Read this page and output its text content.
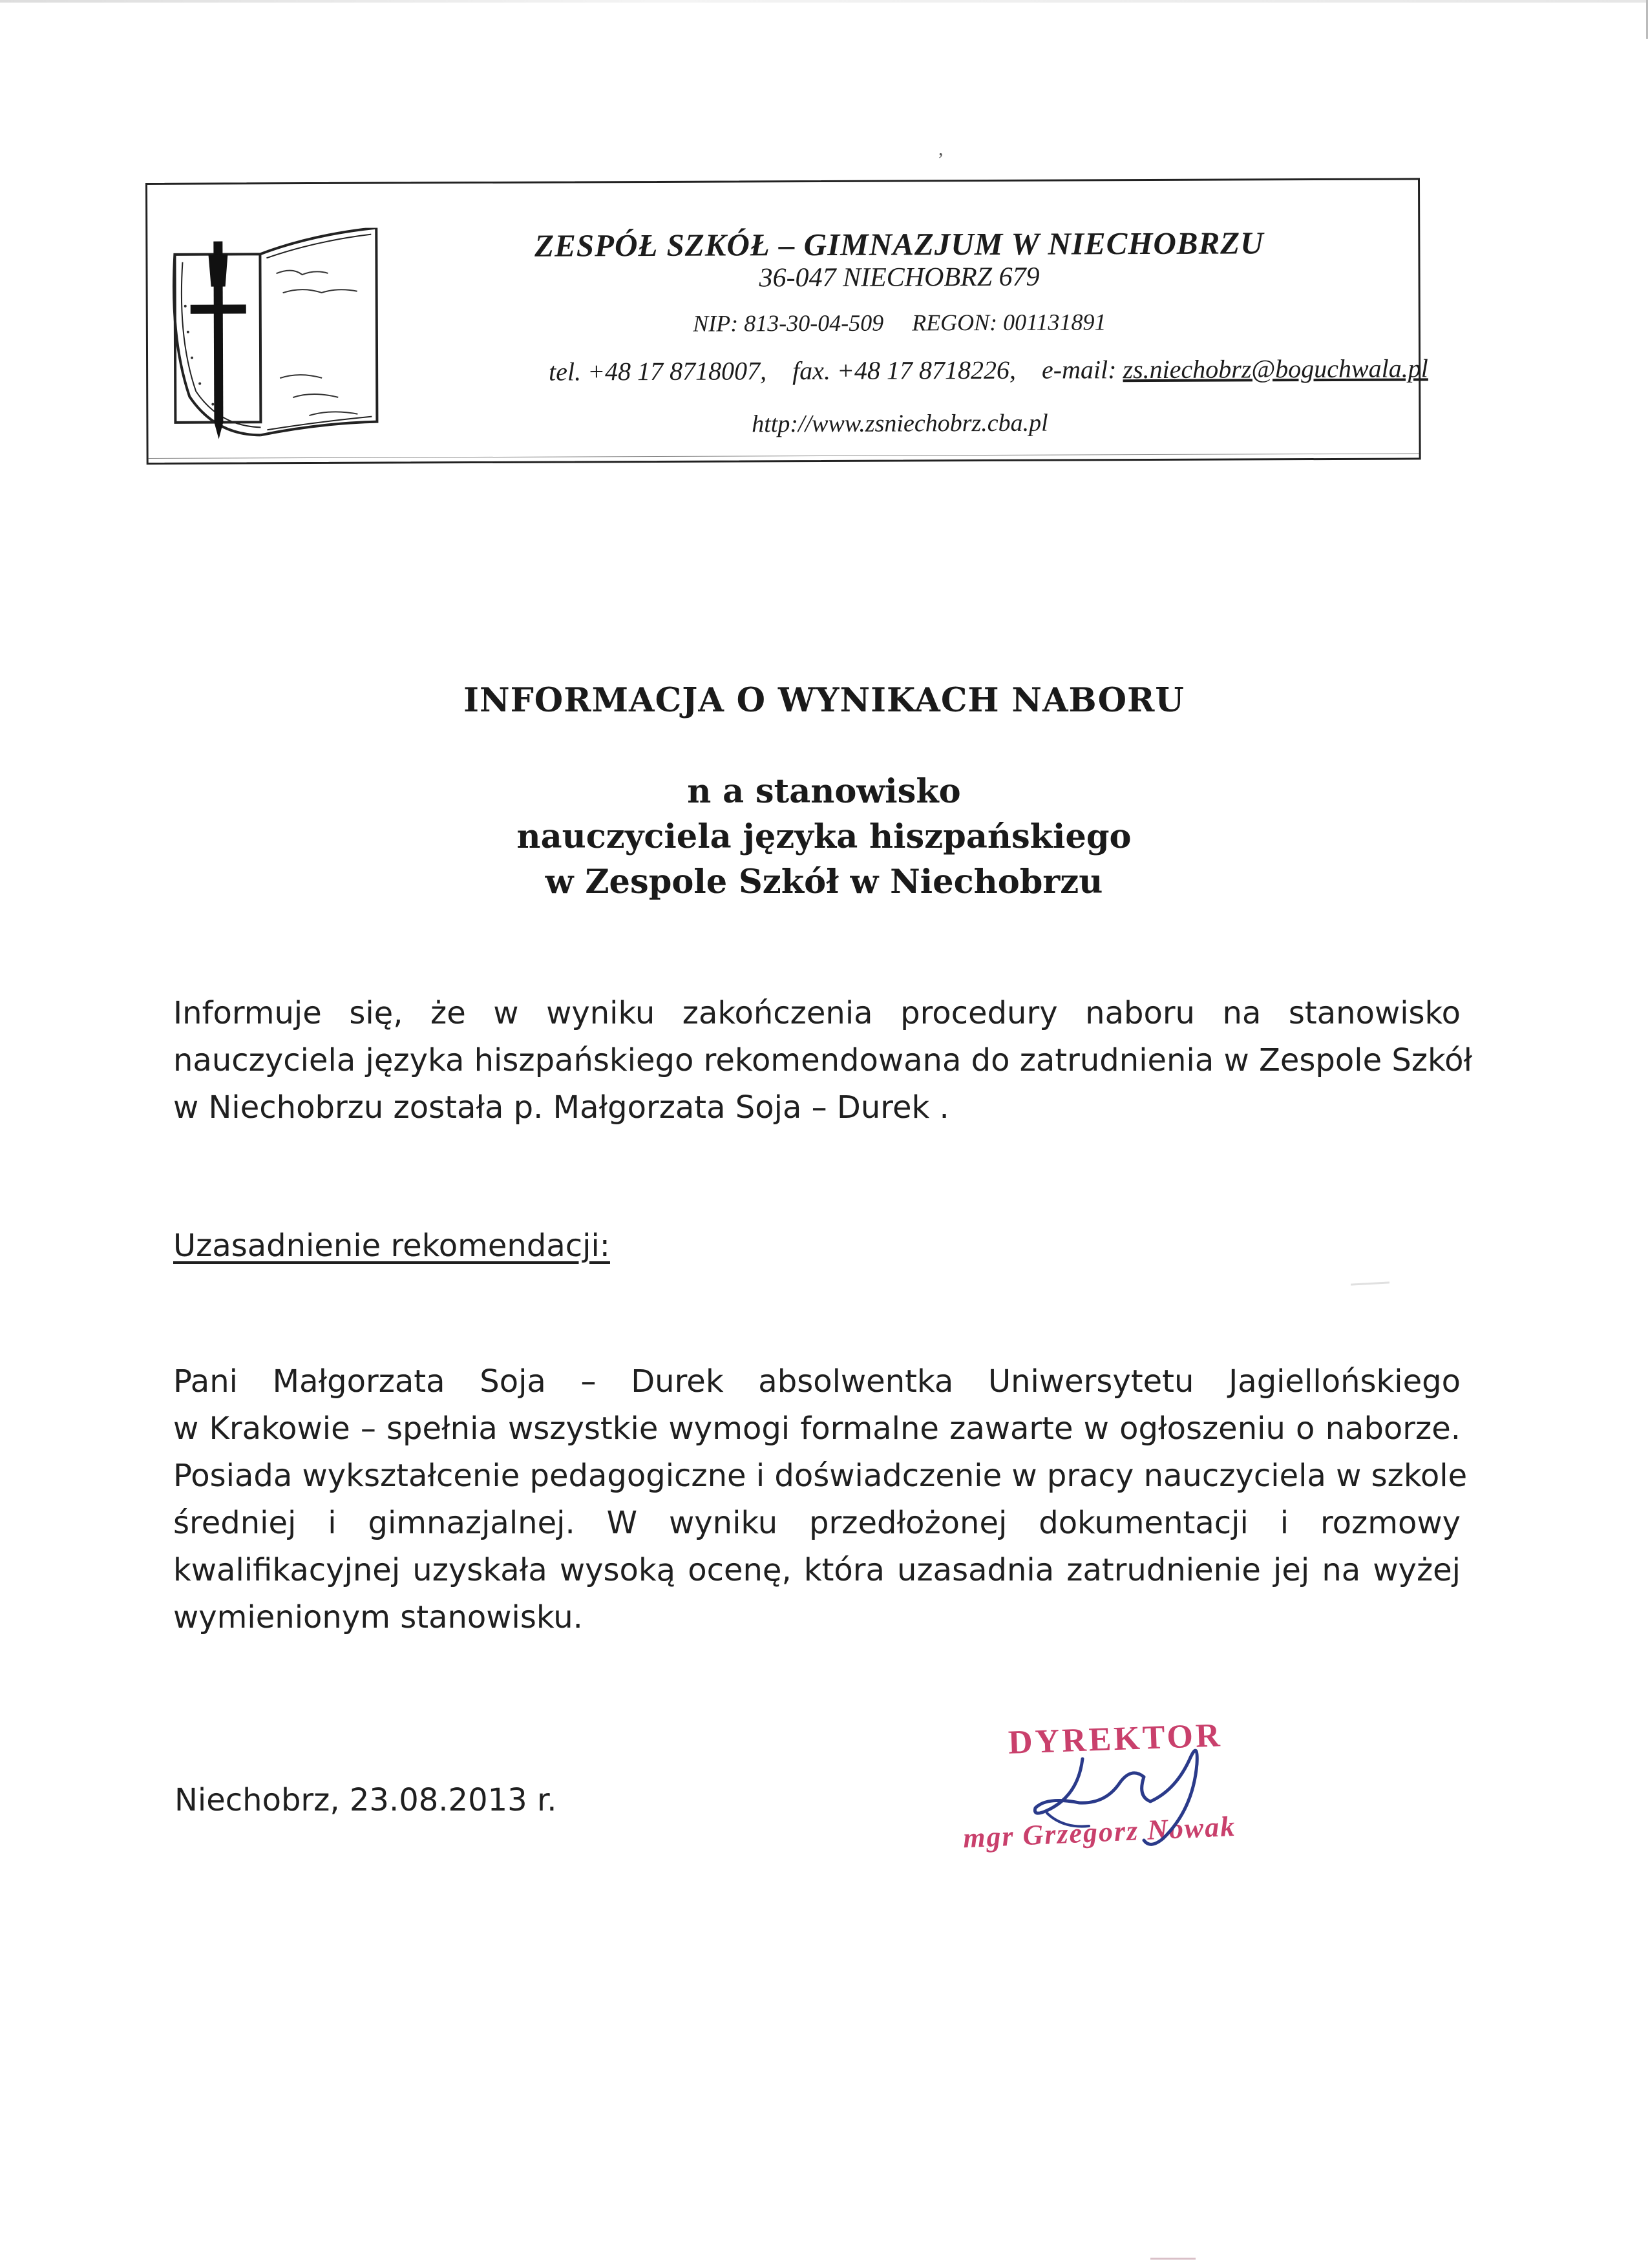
,
ZESPÓŁ SZKÓŁ – GIMNAZJUM W NIECHOBRZU
36-047 NIECHOBRZ 679
NIP: 813-30-04-509 REGON: 001131891
tel. +48 17 8718007, fax. +48 17 8718226, e-mail: zs.niechobrz@boguchwala.pl
http://www.zsniechobrz.cba.pl
INFORMACJA O WYNIKACH NABORU
n a stanowisko
nauczyciela języka hiszpańskiego
w Zespole Szkół w Niechobrzu
Informuje się, że w wyniku zakończenia procedury naboru na stanowisko
nauczyciela języka hiszpańskiego rekomendowana do zatrudnienia w Zespole Szkół
w Niechobrzu została p. Małgorzata Soja – Durek .
Uzasadnienie rekomendacji:
Pani Małgorzata Soja – Durek absolwentka Uniwersytetu Jagiellońskiego
w Krakowie – spełnia wszystkie wymogi formalne zawarte w ogłoszeniu o naborze.
Posiada wykształcenie pedagogiczne i doświadczenie w pracy nauczyciela w szkole
średniej i gimnazjalnej. W wyniku przedłożonej dokumentacji i rozmowy
kwalifikacyjnej uzyskała wysoką ocenę, która uzasadnia zatrudnienie jej na wyżej
wymienionym stanowisku.
Niechobrz, 23.08.2013 r.
DYREKTOR
mgr Grzegorz Nowak
